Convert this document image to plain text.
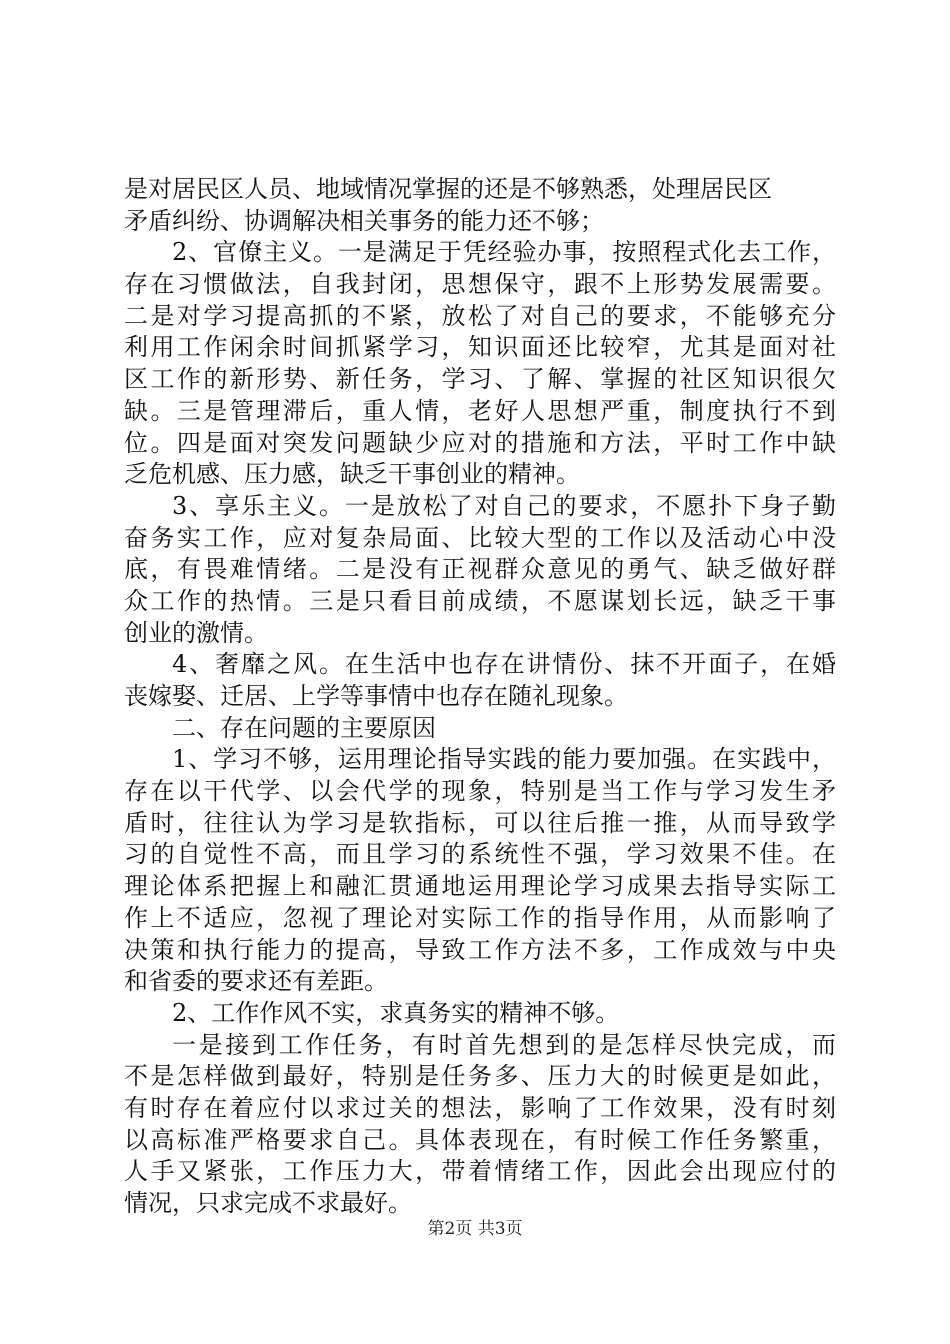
是对居民区人员、地域情况掌握的还是不够熟悉，处理居民区
矛盾纠纷、协调解决相关事务的能力还不够；
2、官僚主义。一是满足于凭经验办事，按照程式化去工作，
存在习惯做法，自我封闭，思想保守，跟不上形势发展需要。
二是对学习提高抓的不紧，放松了对自己的要求，不能够充分
利用工作闲余时间抓紧学习，知识面还比较窄，尤其是面对社
区工作的新形势、新任务，学习、了解、掌握的社区知识很欠
缺。三是管理滞后，重人情，老好人思想严重，制度执行不到
位。四是面对突发问题缺少应对的措施和方法，平时工作中缺
乏危机感、压力感，缺乏干事创业的精神。
3、享乐主义。一是放松了对自己的要求，不愿扑下身子勤
奋务实工作，应对复杂局面、比较大型的工作以及活动心中没
底，有畏难情绪。二是没有正视群众意见的勇气、缺乏做好群
众工作的热情。三是只看目前成绩，不愿谋划长远，缺乏干事
创业的激情。
4、奢靡之风。在生活中也存在讲情份、抹不开面子，在婚
丧嫁娶、迁居、上学等事情中也存在随礼现象。
二、存在问题的主要原因
1、学习不够，运用理论指导实践的能力要加强。在实践中，
存在以干代学、以会代学的现象，特别是当工作与学习发生矛
盾时，往往认为学习是软指标，可以往后推一推，从而导致学
习的自觉性不高，而且学习的系统性不强，学习效果不佳。在
理论体系把握上和融汇贯通地运用理论学习成果去指导实际工
作上不适应，忽视了理论对实际工作的指导作用，从而影响了
决策和执行能力的提高，导致工作方法不多，工作成效与中央
和省委的要求还有差距。
2、工作作风不实，求真务实的精神不够。
一是接到工作任务，有时首先想到的是怎样尽快完成，而
不是怎样做到最好，特别是任务多、压力大的时候更是如此，
有时存在着应付以求过关的想法，影响了工作效果，没有时刻
以高标准严格要求自己。具体表现在，有时候工作任务繁重，
人手又紧张，工作压力大，带着情绪工作，因此会出现应付的
情况，只求完成不求最好。
第2页 共3页
